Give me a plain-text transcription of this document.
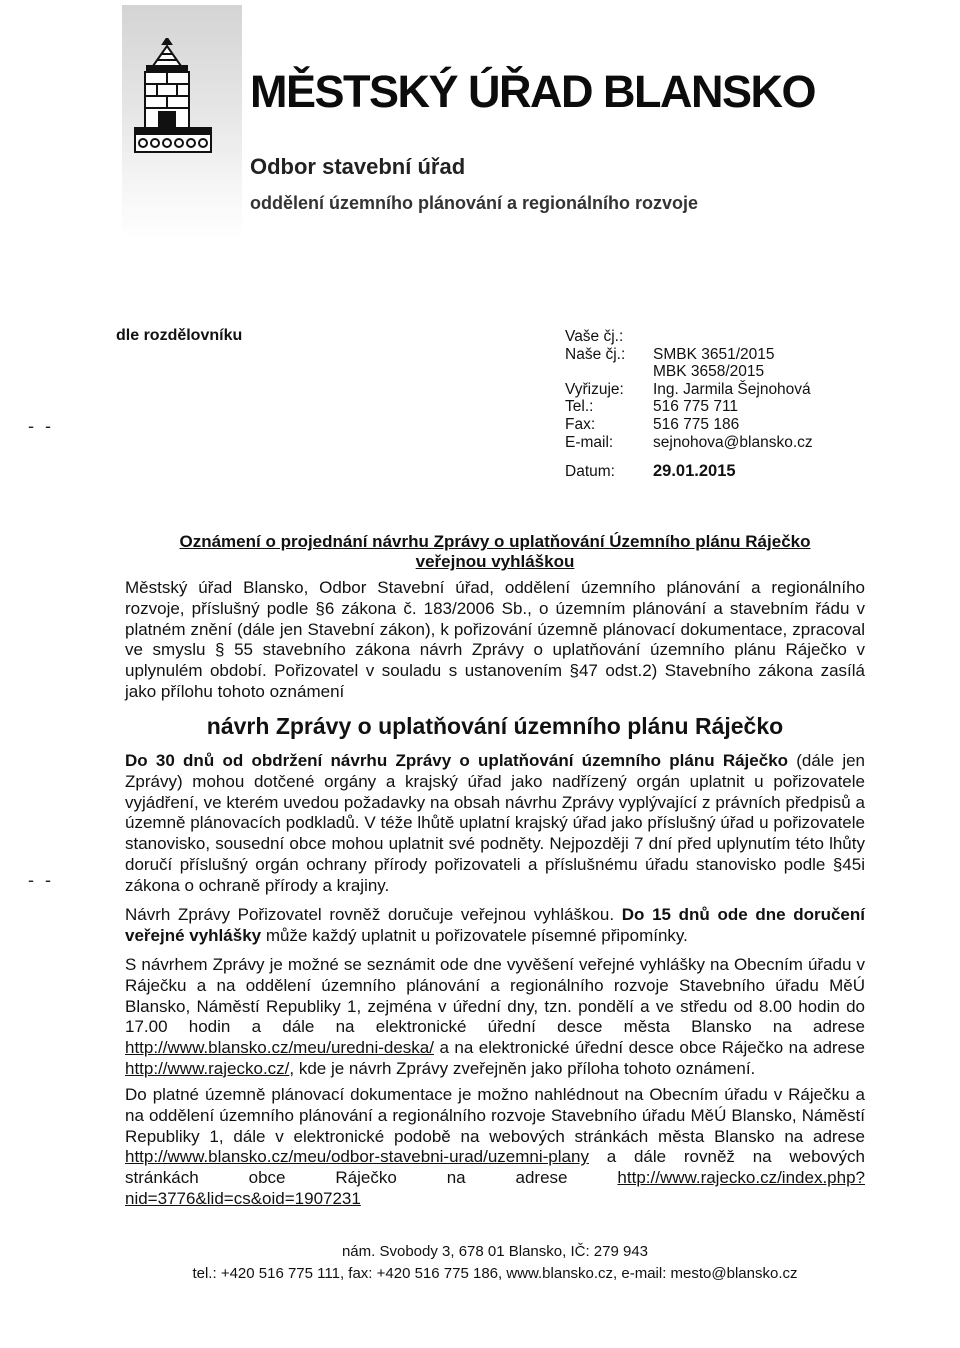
MĚSTSKÝ ÚŘAD BLANSKO
Odbor stavební úřad
oddělení územního plánování a regionálního rozvoje
dle rozdělovníku
- -
- -
Vaše čj.:
Naše čj.:	SMBK 3651/2015
MBK 3658/2015
Vyřizuje:	Ing. Jarmila Šejnohová
Tel.:	516 775 711
Fax:	516 775 186
E-mail:	sejnohova@blansko.cz
Datum:	29.01.2015
Oznámení o projednání návrhu Zprávy o uplatňování Územního plánu Ráječko
veřejnou vyhláškou
Městský úřad Blansko, Odbor Stavební úřad, oddělení územního plánování a regionálního rozvoje, příslušný podle §6 zákona č. 183/2006 Sb., o územním plánování a stavebním řádu v platném znění (dále jen Stavební zákon), k pořizování územně plánovací dokumentace, zpracoval ve smyslu § 55 stavebního zákona návrh Zprávy o uplatňování územního plánu Ráječko v uplynulém období. Pořizovatel v souladu s ustanovením §47 odst.2) Stavebního zákona zasílá jako přílohu tohoto oznámení
návrh Zprávy o uplatňování územního plánu Ráječko
Do 30 dnů od obdržení návrhu Zprávy o uplatňování územního plánu Ráječko (dále jen Zprávy) mohou dotčené orgány a krajský úřad jako nadřízený orgán uplatnit u pořizovatele vyjádření, ve kterém uvedou požadavky na obsah návrhu Zprávy vyplývající z právních předpisů a územně plánovacích podkladů. V téže lhůtě uplatní krajský úřad jako příslušný úřad u pořizovatele stanovisko, sousední obce mohou uplatnit své podněty. Nejpozději 7 dní před uplynutím této lhůty doručí příslušný orgán ochrany přírody pořizovateli a příslušnému úřadu stanovisko podle §45i zákona o ochraně přírody a krajiny.
Návrh Zprávy Pořizovatel rovněž doručuje veřejnou vyhláškou. Do 15 dnů ode dne doručení veřejné vyhlášky může každý uplatnit u pořizovatele písemné připomínky.
S návrhem Zprávy je možné se seznámit ode dne vyvěšení veřejné vyhlášky na Obecním úřadu v Ráječku a na oddělení územního plánování a regionálního rozvoje Stavebního úřadu MěÚ Blansko, Náměstí Republiky 1, zejména v úřední dny, tzn. pondělí a ve středu od 8.00 hodin do 17.00 hodin a dále na elektronické úřední desce města Blansko na adrese http://www.blansko.cz/meu/uredni-deska/ a na elektronické úřední desce obce Ráječko na adrese http://www.rajecko.cz/, kde je návrh Zprávy zveřejněn jako příloha tohoto oznámení.
Do platné územně plánovací dokumentace je možno nahlédnout na Obecním úřadu v Ráječku a na oddělení územního plánování a regionálního rozvoje Stavebního úřadu MěÚ Blansko, Náměstí Republiky 1, dále v elektronické podobě na webových stránkách města Blansko na adrese http://www.blansko.cz/meu/odbor-stavebni-urad/uzemni-plany a dále rovněž na webových stránkách obce Ráječko na adrese http://www.rajecko.cz/index.php?nid=3776&lid=cs&oid=1907231
nám. Svobody 3, 678 01 Blansko, IČ: 279 943
tel.: +420 516 775 111, fax: +420 516 775 186, www.blansko.cz, e-mail: mesto@blansko.cz
